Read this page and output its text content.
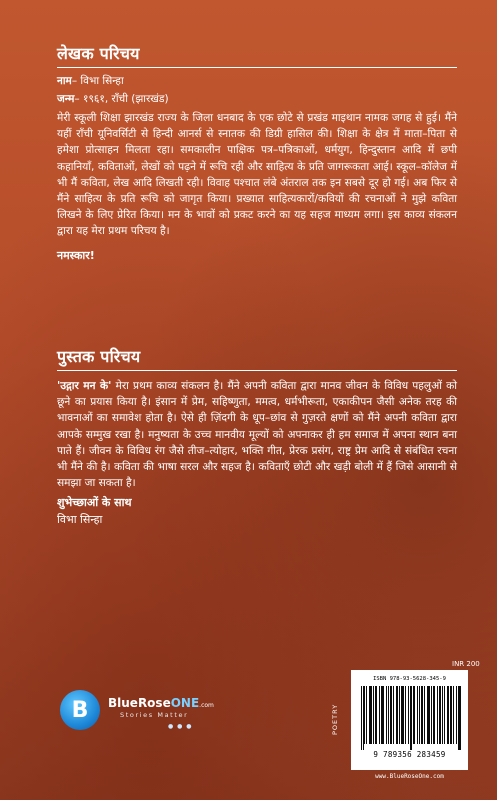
लेखक परिचय
नाम– विभा सिन्हा
जन्म– १९६१, राँची (झारखंड)

मेरी स्कूली शिक्षा झारखंड राज्य के जिला धनबाद के एक छोटे से प्रखंड माइथान नामक जगह से हुई। मैंने यहीं राँची यूनिवर्सिटी से हिन्दी आनर्स से स्नातक की डिग्री हासिल की। शिक्षा के क्षेत्र में माता–पिता से हमेशा प्रोत्साहन मिलता रहा। समकालीन पाक्षिक पत्र–पत्रिकाओं, धर्मयुग, हिन्दुस्तान आदि में छपी कहानियाँ, कविताओं, लेखों को पढ़ने में रूचि रही और साहित्य के प्रति जागरूकता आई। स्कूल–कॉलेज में भी मैं कविता, लेख आदि लिखती रही। विवाह पश्चात लंबे अंतराल तक इन सबसे दूर हो गई। अब फिर से मैंने साहित्य के प्रति रूचि को जागृत किया। प्रख्यात साहित्यकारों/कवियों की रचनाओं ने मुझे कविता लिखने के लिए प्रेरित किया। मन के भावों को प्रकट करने का यह सहज माध्यम लगा। इस काव्य संकलन द्वारा यह मेरा प्रथम परिचय है।

नमस्कार!
पुस्तक परिचय

'उद्गार मन के' मेरा प्रथम काव्य संकलन है। मैंने अपनी कविता द्वारा मानव जीवन के विविध पहलुओं को छूने का प्रयास किया है। इंसान में प्रेम, सहिष्णुता, ममत्व, धर्मभीरूता, एकाकीपन जैसी अनेक तरह की भावनाओं का समावेश होता है। ऐसे ही ज़िंदगी के धूप–छांव से गुज़रते क्षणों को मैंने अपनी कविता द्वारा आपके सम्मुख रखा है। मनुष्यता के उच्च मानवीय मूल्यों को अपनाकर ही हम समाज में अपना स्थान बना पाते हैं। जीवन के विविध रंग जैसे तीज–त्योहार, भक्ति गीत, प्रेरक प्रसंग, राष्ट्र प्रेम आदि से संबंधित रचना भी मैंने की है। कविता की भाषा सरल और सहज है। कविताएँ छोटी और खड़ी बोली में हैं जिसे आसानी से समझा जा सकता है।

शुभेच्छाओं के साथ
विभा सिन्हा
B	BlueRoseONE.com
Stories Matter
● ● ●
INR 200
POETRY
ISBN 978-93-5628-345-9
9 789356 283459
www.BlueRoseOne.com
